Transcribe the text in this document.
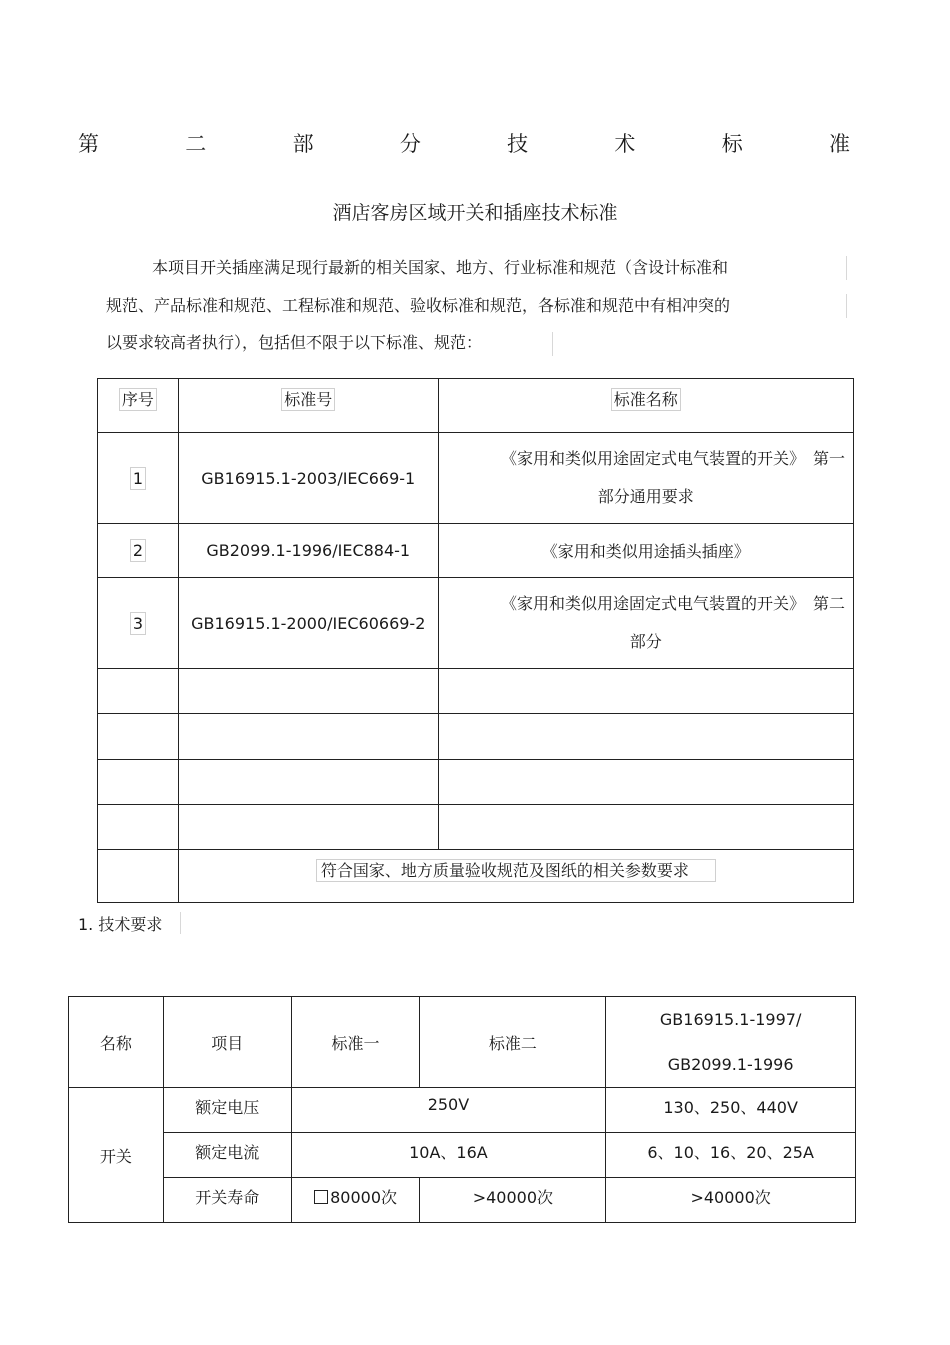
第	二	部	分	技	术	标	准
酒店客房区域开关和插座技术标准
本项目开关插座满足现行最新的相关国家、地方、行业标准和规范（含设计标准和
规范、产品标准和规范、工程标准和规范、验收标准和规范，各标准和规范中有相冲突的
以要求较高者执行），包括但不限于以下标准、规范：
序号	标准号	标准名称
1	GB16915.1-2003/IEC669-1	《家用和类似用途固定式电气装置的开关》　第一
部分通用要求

2	GB2099.1-1996/IEC884-1	《家用和类似用途插头插座》
3	GB16915.1-2000/IEC60669-2	《家用和类似用途固定式电气装置的开关》　第二
部分

	符合国家、地方质量验收规范及图纸的相关参数要求	
1. 技术要求
名称	项目	标准一	标准二	GB16915.1-1997/
GB2099.1-1996

开关	额定电压	250V		130、250、440V
	额定电流	10A、16A		6、10、16、20、25A
	开关寿命	80000次	>40000次	>40000次
